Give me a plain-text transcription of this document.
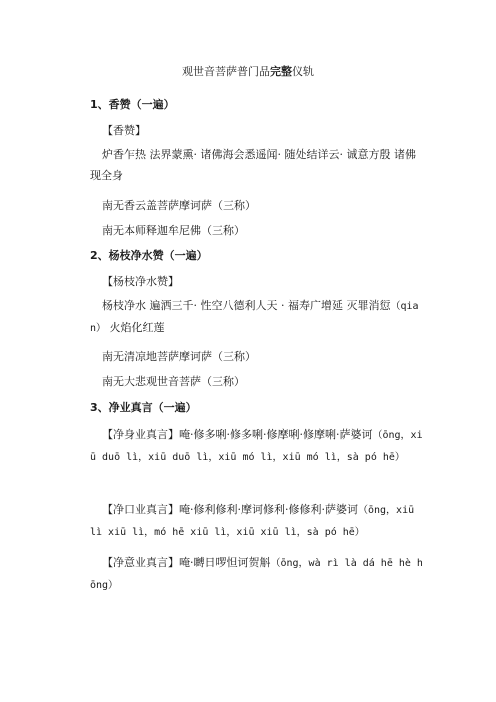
观世音菩萨普门品完整仪轨
1、香赞（一遍）
【香赞】
炉香乍热 法界蒙熏· 诸佛海会悉遥闻· 随处结详云· 诚意方殷 诸佛现全身
南无香云盖菩萨摩诃萨（三称）
南无本师释迦牟尼佛（三称）
2、杨枝净水赞（一遍）
【杨枝净水赞】
杨枝净水 遍洒三千· 性空八德利人天 · 福寿广增延 灭罪消愆（qian） 火焰化红莲
南无清凉地菩萨摩诃萨（三称）
南无大悲观世音菩萨（三称）
3、净业真言（一遍）
【净身业真言】唵·修多唎·修多唎·修摩唎·修摩唎·萨婆诃（ōng，xiū duō lì，xiū duō lì，xiū mó lì，xiū mó lì，sà pó hē）
【净口业真言】唵·修利修利·摩诃修利·修修利·萨婆诃（ōng，xiū lì xiū lì，mó hē xiū lì，xiū xiū lì，sà pó hē）
【净意业真言】唵·嚩日啰怛诃贺斛（ōng，wà rì là dá hē hè hōng）
